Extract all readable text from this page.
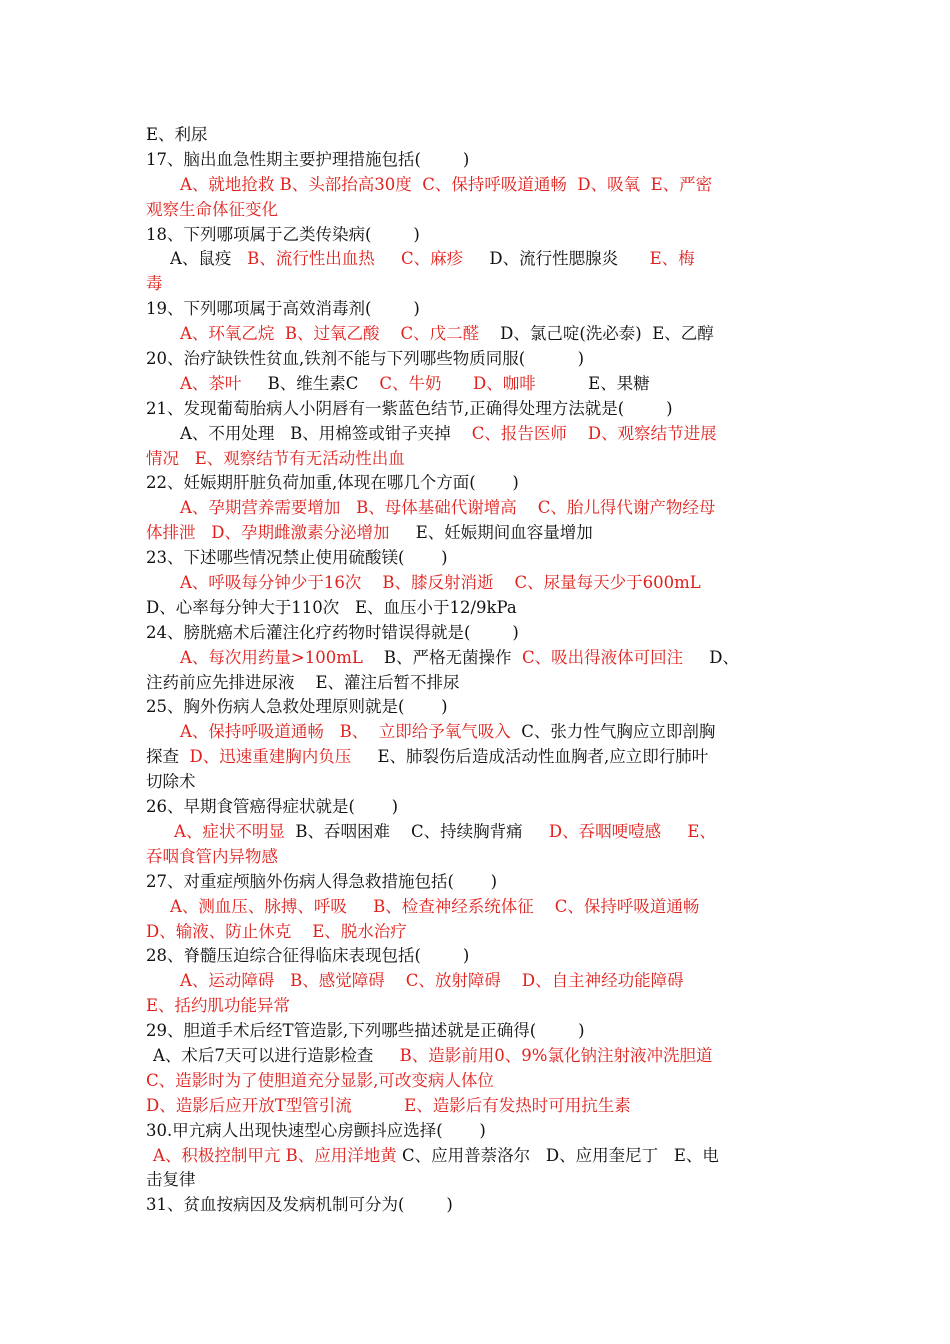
E、利尿
17、脑出血急性期主要护理措施包括(        )
A、就地抢救 B、头部抬高30度  C、保持呼吸道通畅  D、吸氧  E、严密
观察生命体征变化
18、下列哪项属于乙类传染病(        )
A、鼠疫   B、流行性出血热     C、麻疹     D、流行性腮腺炎      E、梅
毒
19、下列哪项属于高效消毒剂(        )
A、环氧乙烷  B、过氧乙酸    C、戊二醛    D、氯己啶(洗必泰)  E、乙醇
20、治疗缺铁性贫血,铁剂不能与下列哪些物质同服(          )
A、茶叶     B、维生素C    C、牛奶      D、咖啡          E、果糖
21、发现葡萄胎病人小阴唇有一紫蓝色结节,正确得处理方法就是(        )
A、不用处理   B、用棉签或钳子夹掉    C、报告医师    D、观察结节进展
情况   E、观察结节有无活动性出血
22、妊娠期肝脏负荷加重,体现在哪几个方面(       )
A、孕期营养需要增加   B、母体基础代谢增高    C、胎儿得代谢产物经母
体排泄   D、孕期雌激素分泌增加     E、妊娠期间血容量增加
23、下述哪些情况禁止使用硫酸镁(       )
A、呼吸每分钟少于16次    B、膝反射消逝    C、尿量每天少于600mL
D、心率每分钟大于110次   E、血压小于12/9kPa
24、膀胱癌术后灌注化疗药物时错误得就是(        )
A、每次用药量>100mL    B、严格无菌操作  C、吸出得液体可回注     D、
注药前应先排进尿液    E、灌注后暂不排尿
25、胸外伤病人急救处理原则就是(       )
A、保持呼吸道通畅   B、  立即给予氧气吸入  C、张力性气胸应立即剖胸
探查  D、迅速重建胸内负压     E、肺裂伤后造成活动性血胸者,应立即行肺叶
切除术
26、早期食管癌得症状就是(       )
A、症状不明显  B、吞咽困难    C、持续胸背痛     D、吞咽哽噎感     E、
吞咽食管内异物感
27、对重症颅脑外伤病人得急救措施包括(       )
A、测血压、脉搏、呼吸     B、检查神经系统体征    C、保持呼吸道通畅
D、输液、防止休克    E、脱水治疗
28、脊髓压迫综合征得临床表现包括(        )
A、运动障碍   B、感觉障碍    C、放射障碍    D、自主神经功能障碍
E、括约肌功能异常
29、胆道手术后经T管造影,下列哪些描述就是正确得(        )
A、术后7天可以进行造影检查     B、造影前用0、9%氯化钠注射液冲洗胆道
C、造影时为了使胆道充分显影,可改变病人体位
D、造影后应开放T型管引流          E、造影后有发热时可用抗生素
30.甲亢病人出现快速型心房颤抖应选择(       )
A、积极控制甲亢 B、应用洋地黄 C、应用普萘洛尔   D、应用奎尼丁   E、电
击复律
31、贫血按病因及发病机制可分为(        )
